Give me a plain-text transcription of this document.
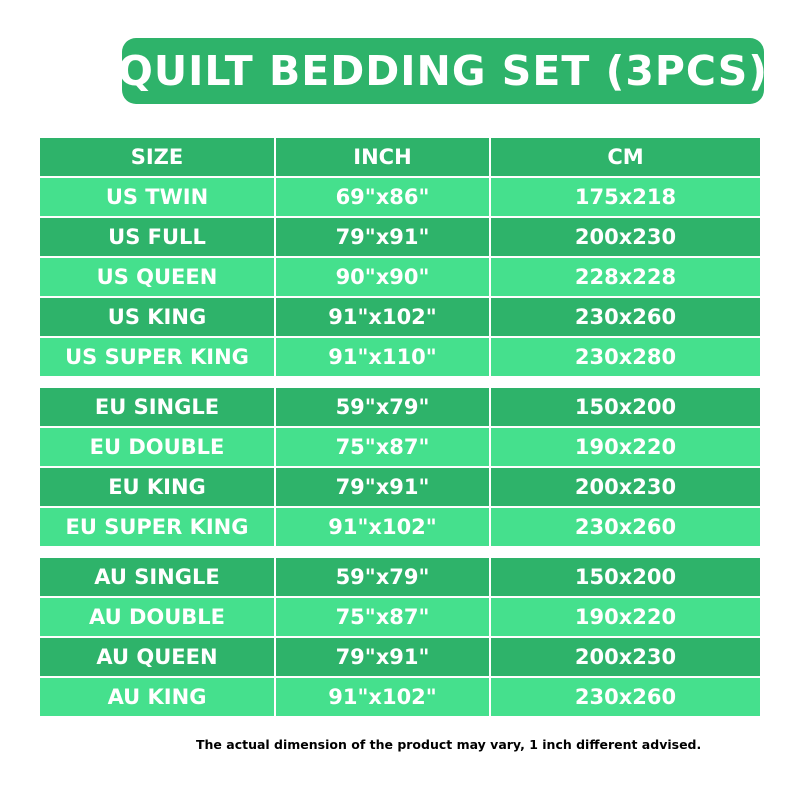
QUILT BEDDING SET (3PCS)
SIZE	INCH	CM
US TWIN	69"x86"	175x218
US FULL	79"x91"	200x230
US QUEEN	90"x90"	228x228
US KING	91"x102"	230x260
US SUPER KING	91"x110"	230x280
EU SINGLE	59"x79"	150x200
EU DOUBLE	75"x87"	190x220
EU KING	79"x91"	200x230
EU SUPER KING	91"x102"	230x260
AU SINGLE	59"x79"	150x200
AU DOUBLE	75"x87"	190x220
AU QUEEN	79"x91"	200x230
AU KING	91"x102"	230x260
The actual dimension of the product may vary, 1 inch different advised.
